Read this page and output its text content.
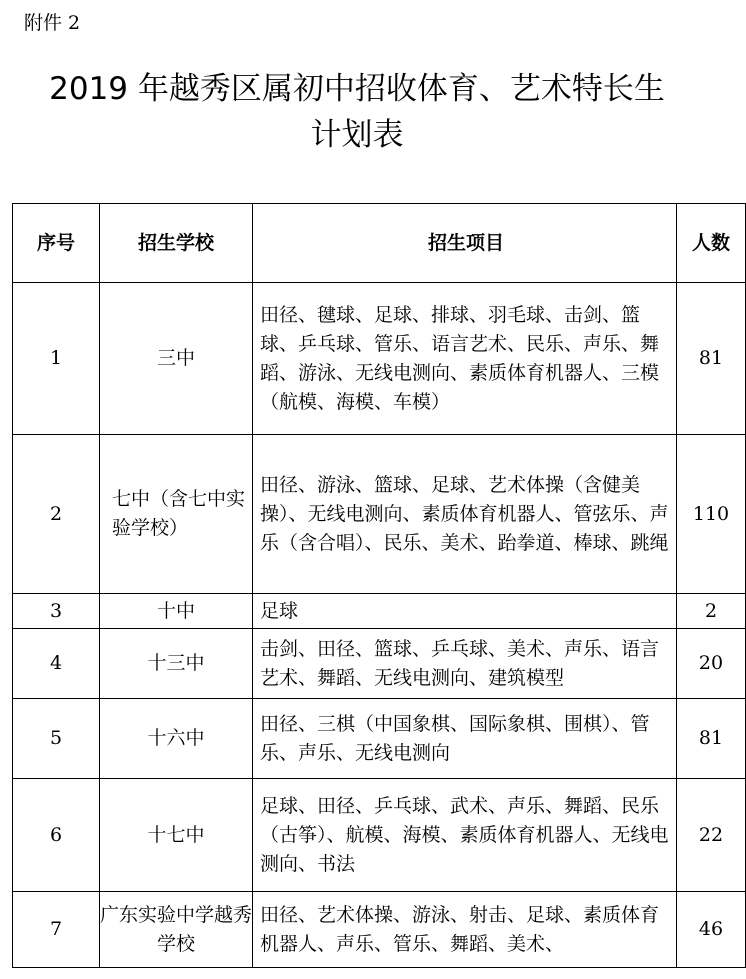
附件 2
2019 年越秀区属初中招收体育、艺术特长生
计划表
序号	招生学校	招生项目	人数
1	三中	田径、毽球、足球、排球、羽毛球、击剑、篮球、乒乓球、管乐、语言艺术、民乐、声乐、舞蹈、游泳、无线电测向、素质体育机器人、三模（航模、海模、车模）	81
2	七中（含七中实验学校）	田径、游泳、篮球、足球、艺术体操（含健美操）、无线电测向、素质体育机器人、管弦乐、声乐（含合唱）、民乐、美术、跆拳道、棒球、跳绳	110
3	十中	足球	2
4	十三中	击剑、田径、篮球、乒乓球、美术、声乐、语言艺术、舞蹈、无线电测向、建筑模型	20
5	十六中	田径、三棋（中国象棋、国际象棋、围棋）、管乐、声乐、无线电测向	81
6	十七中	足球、田径、乒乓球、武术、声乐、舞蹈、民乐（古筝）、航模、海模、素质体育机器人、无线电测向、书法	22
7	广东实验中学越秀学校	田径、艺术体操、游泳、射击、足球、素质体育机器人、声乐、管乐、舞蹈、美术、	46
